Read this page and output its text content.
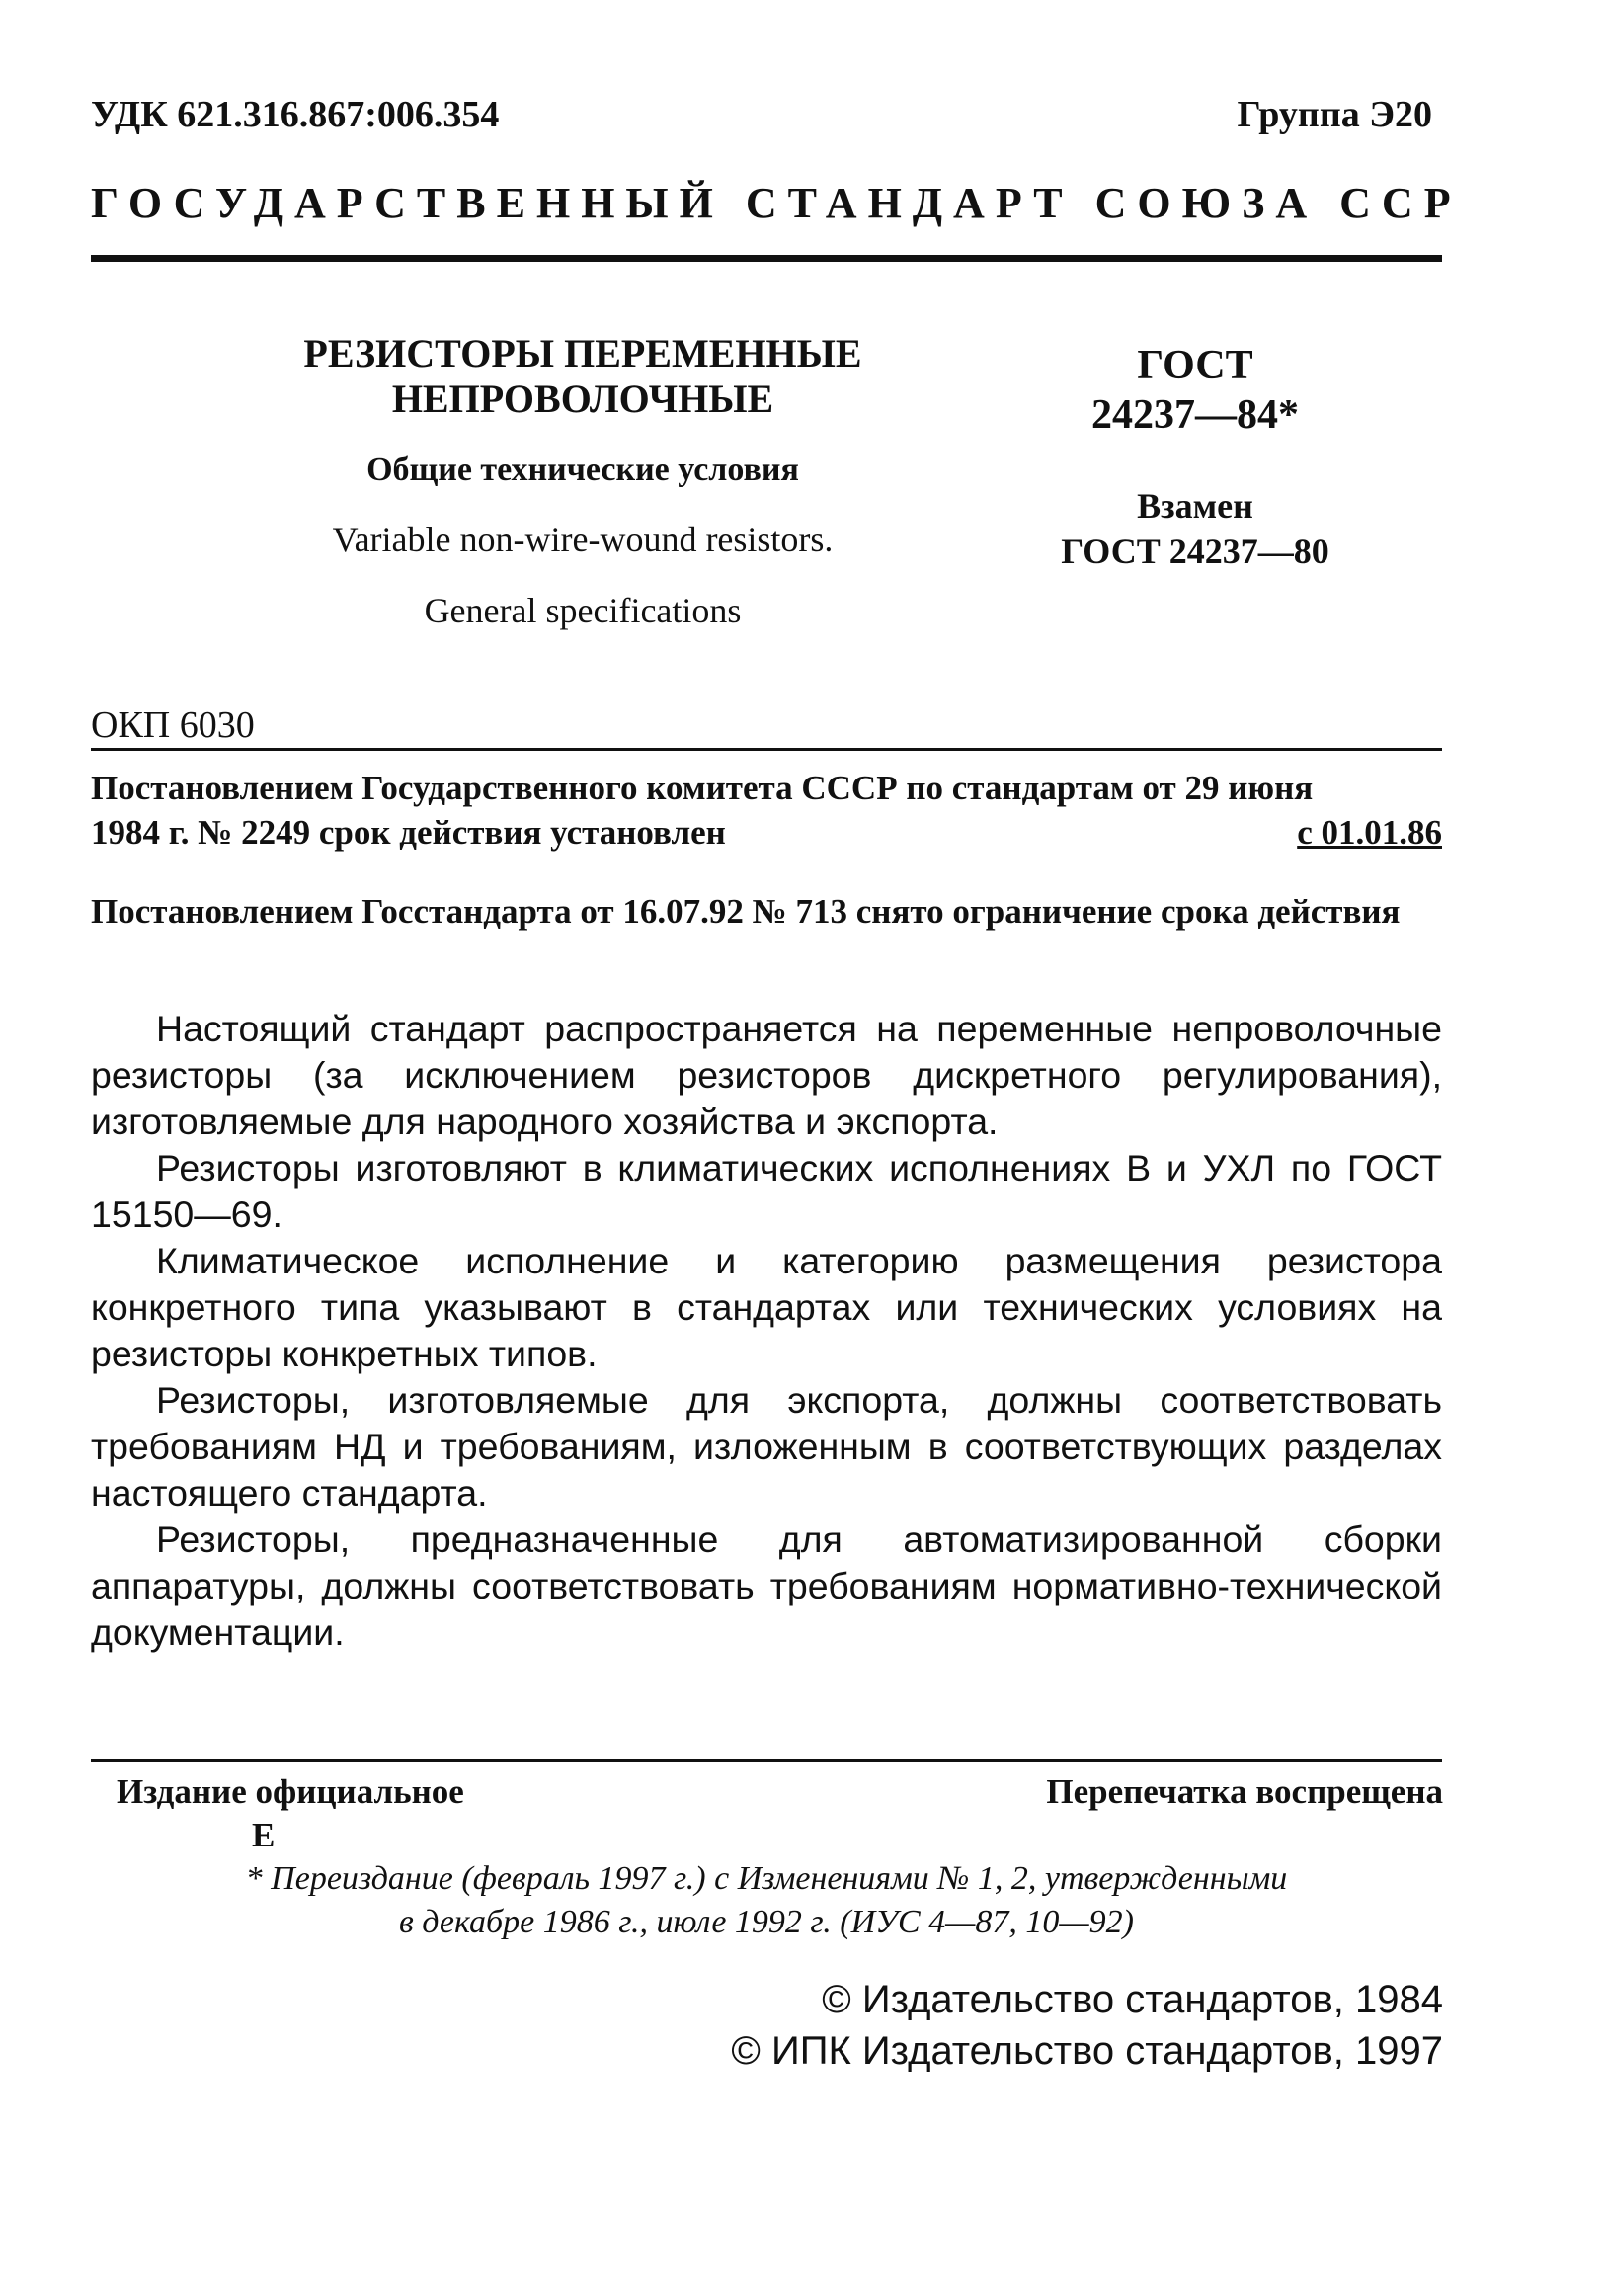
УДК 621.316.867:006.354	Группа Э20
ГОСУДАРСТВЕННЫЙ СТАНДАРТ СОЮЗА ССР
РЕЗИСТОРЫ ПЕРЕМЕННЫЕ
НЕПРОВОЛОЧНЫЕ
Общие технические условия
Variable non-wire-wound resistors.
General specifications
ГОСТ
24237—84*
Взамен
ГОСТ 24237—80
ОКП 6030
Постановлением Государственного комитета СССР по стандартам от 29 июня
1984 г. № 2249 срок действия установлен	с 01.01.86
Постановлением Госстандарта от 16.07.92 № 713 снято ограничение срока действия

Настоящий стандарт распространяется на переменные непроволочные резисторы (за исключением резисторов дискретного регулирования), изготовляемые для народного хозяйства и экспорта.

Резисторы изготовляют в климатических исполнениях В и УХЛ по ГОСТ 15150—69.

Климатическое исполнение и категорию размещения резистора конкретного типа указывают в стандартах или технических условиях на резисторы конкретных типов.

Резисторы, изготовляемые для экспорта, должны соответствовать требованиям НД и требованиям, изложенным в соответствующих разделах настоящего стандарта.

Резисторы, предназначенные для автоматизированной сборки аппаратуры, должны соответствовать требованиям нормативно-технической документации.

Издание официальное
Е
Перепечатка воспрещена
* Переиздание (февраль 1997 г.) с Изменениями № 1, 2, утвержденными
в декабре 1986 г., июле 1992 г. (ИУС 4—87, 10—92)
© Издательство стандартов, 1984
© ИПК Издательство стандартов, 1997
